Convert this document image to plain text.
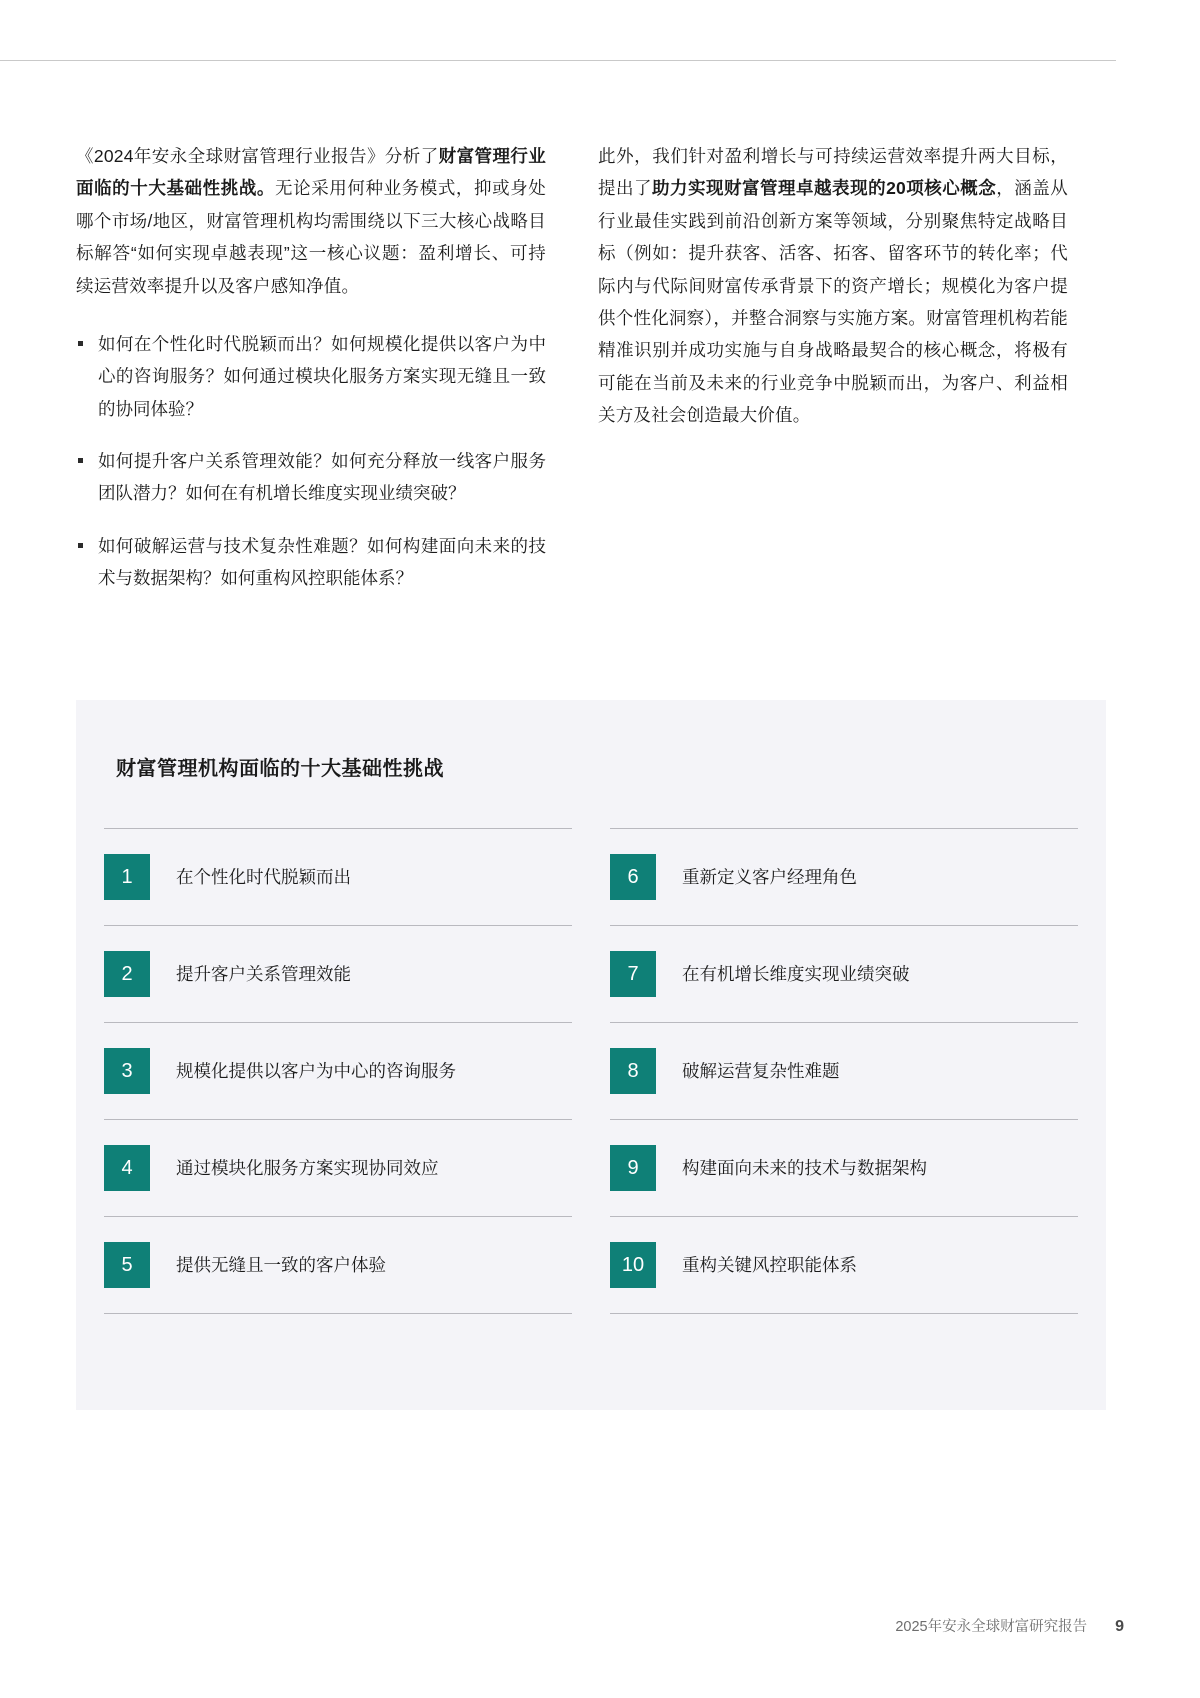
《2024年安永全球财富管理行业报告》分析了财富管理行业面临的十大基础性挑战。无论采用何种业务模式，抑或身处哪个市场/地区，财富管理机构均需围绕以下三大核心战略目标解答“如何实现卓越表现”这一核心议题：盈利增长、可持续运营效率提升以及客户感知净值。

如何在个性化时代脱颖而出？如何规模化提供以客户为中心的咨询服务？如何通过模块化服务方案实现无缝且一致的协同体验？
如何提升客户关系管理效能？如何充分释放一线客户服务团队潜力？如何在有机增长维度实现业绩突破？
如何破解运营与技术复杂性难题？如何构建面向未来的技术与数据架构？如何重构风控职能体系？

此外，我们针对盈利增长与可持续运营效率提升两大目标，提出了助力实现财富管理卓越表现的20项核心概念，涵盖从行业最佳实践到前沿创新方案等领域，分别聚焦特定战略目标（例如：提升获客、活客、拓客、留客环节的转化率；代际内与代际间财富传承背景下的资产增长；规模化为客户提供个性化洞察），并整合洞察与实施方案。财富管理机构若能精准识别并成功实施与自身战略最契合的核心概念，将极有可能在当前及未来的行业竞争中脱颖而出，为客户、利益相关方及社会创造最大价值。

财富管理机构面临的十大基础性挑战
1	在个性化时代脱颖而出
2	提升客户关系管理效能
3	规模化提供以客户为中心的咨询服务
4	通过模块化服务方案实现协同效应
5	提供无缝且一致的客户体验
6	重新定义客户经理角色
7	在有机增长维度实现业绩突破
8	破解运营复杂性难题
9	构建面向未来的技术与数据架构
10	重构关键风控职能体系
2025年安永全球财富研究报告 9
